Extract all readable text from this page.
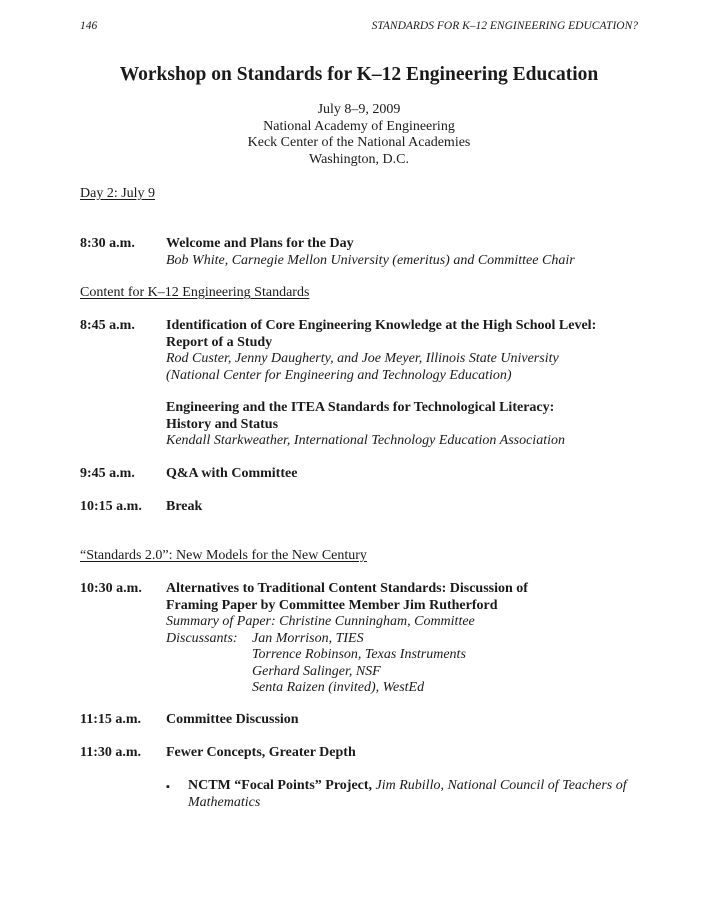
146	STANDARDS FOR K–12 ENGINEERING EDUCATION?
Workshop on Standards for K–12 Engineering Education
July 8–9, 2009
National Academy of Engineering
Keck Center of the National Academies
Washington, D.C.
Day 2: July 9
8:30 a.m. Welcome and Plans for the Day
Bob White, Carnegie Mellon University (emeritus) and Committee Chair
Content for K–12 Engineering Standards
8:45 a.m. Identification of Core Engineering Knowledge at the High School Level:
Report of a Study
Rod Custer, Jenny Daugherty, and Joe Meyer, Illinois State University
(National Center for Engineering and Technology Education)
Engineering and the ITEA Standards for Technological Literacy:
History and Status
Kendall Starkweather, International Technology Education Association
9:45 a.m. Q&A with Committee
10:15 a.m. Break
“Standards 2.0”: New Models for the New Century
10:30 a.m. Alternatives to Traditional Content Standards: Discussion of
Framing Paper by Committee Member Jim Rutherford
Summary of Paper: Christine Cunningham, Committee
Discussants: Jan Morrison, TIES
Torrence Robinson, Texas Instruments
Gerhard Salinger, NSF
Senta Raizen (invited), WestEd
11:15 a.m. Committee Discussion
11:30 a.m. Fewer Concepts, Greater Depth
▪ NCTM “Focal Points” Project, Jim Rubillo, National Council of Teachers of
Mathematics
